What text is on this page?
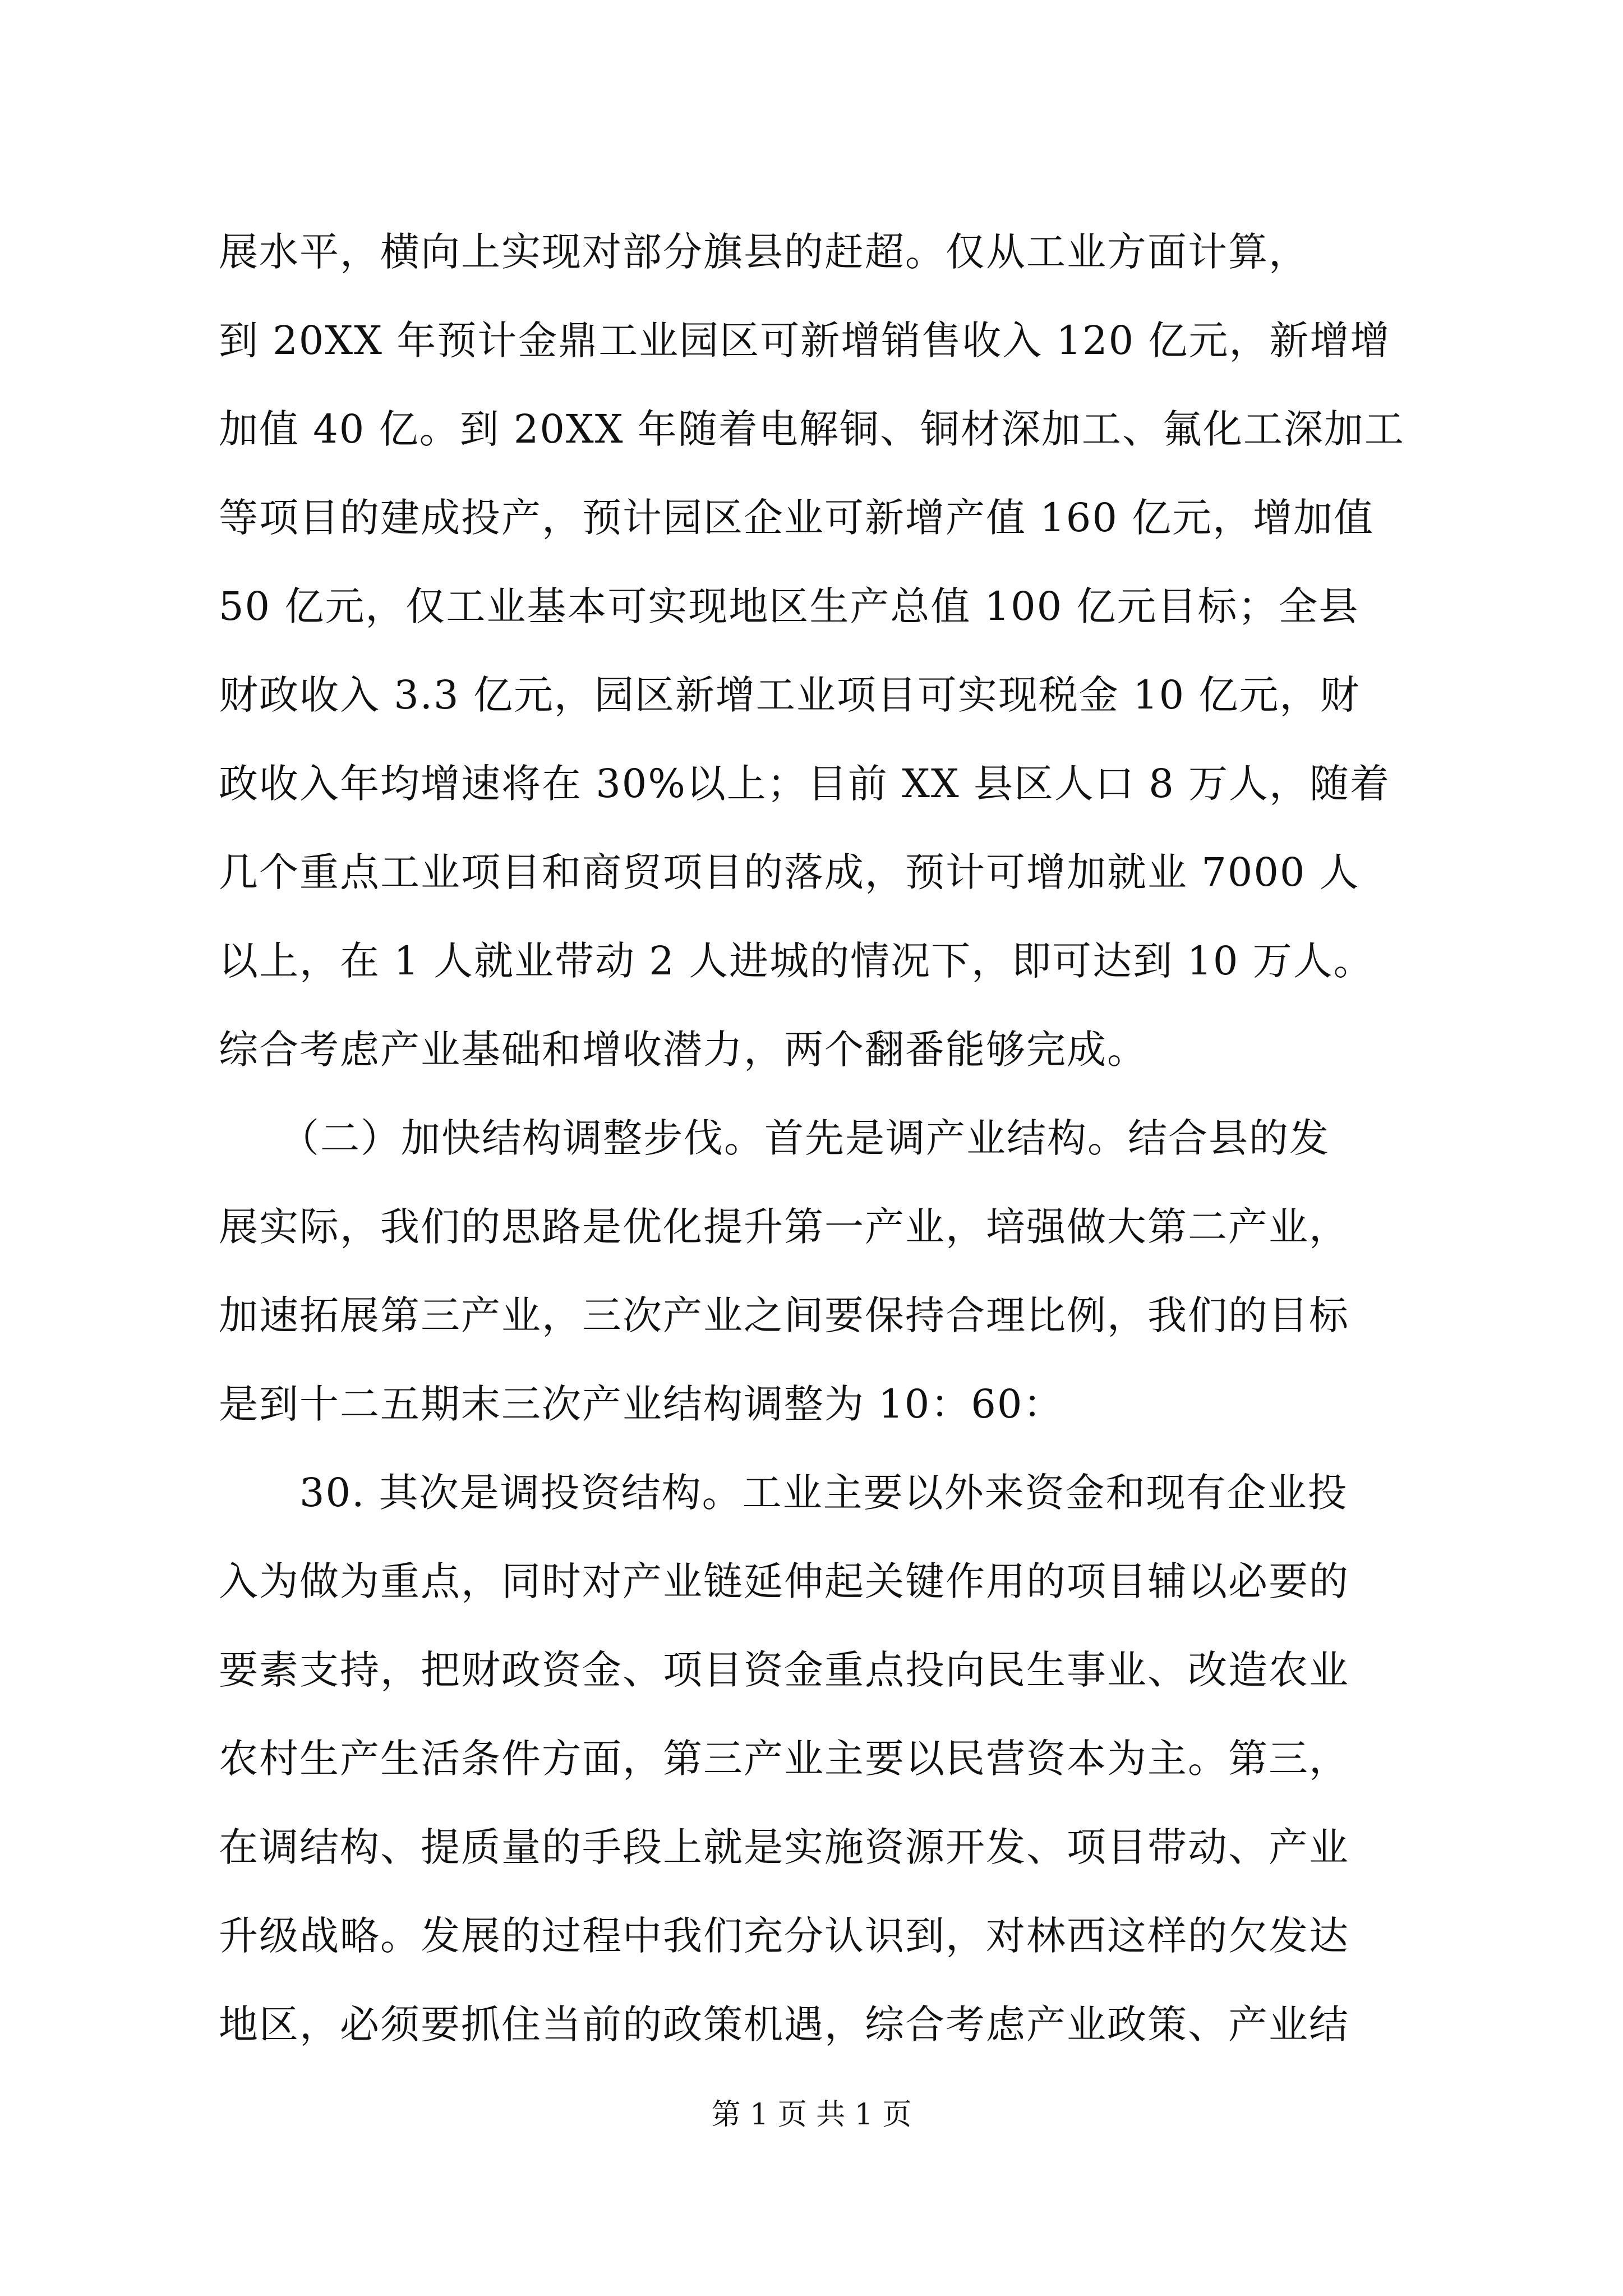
展水平，横向上实现对部分旗县的赶超。仅从工业方面计算，
到 20XX 年预计金鼎工业园区可新增销售收入 120 亿元，新增增
加值 40 亿。到 20XX 年随着电解铜、铜材深加工、氟化工深加工
等项目的建成投产，预计园区企业可新增产值 160 亿元，增加值
50 亿元，仅工业基本可实现地区生产总值 100 亿元目标；全县
财政收入 3.3 亿元，园区新增工业项目可实现税金 10 亿元，财
政收入年均增速将在 30%以上；目前 XX 县区人口 8 万人，随着
几个重点工业项目和商贸项目的落成，预计可增加就业 7000 人
以上，在 1 人就业带动 2 人进城的情况下，即可达到 10 万人。
综合考虑产业基础和增收潜力，两个翻番能够完成。
　　（二）加快结构调整步伐。首先是调产业结构。结合县的发
展实际，我们的思路是优化提升第一产业，培强做大第二产业，
加速拓展第三产业，三次产业之间要保持合理比例，我们的目标
是到十二五期末三次产业结构调整为 10：60：
　　30. 其次是调投资结构。工业主要以外来资金和现有企业投
入为做为重点，同时对产业链延伸起关键作用的项目辅以必要的
要素支持，把财政资金、项目资金重点投向民生事业、改造农业
农村生产生活条件方面，第三产业主要以民营资本为主。第三，
在调结构、提质量的手段上就是实施资源开发、项目带动、产业
升级战略。发展的过程中我们充分认识到，对林西这样的欠发达
地区，必须要抓住当前的政策机遇，综合考虑产业政策、产业结
第 1 页 共 1 页
